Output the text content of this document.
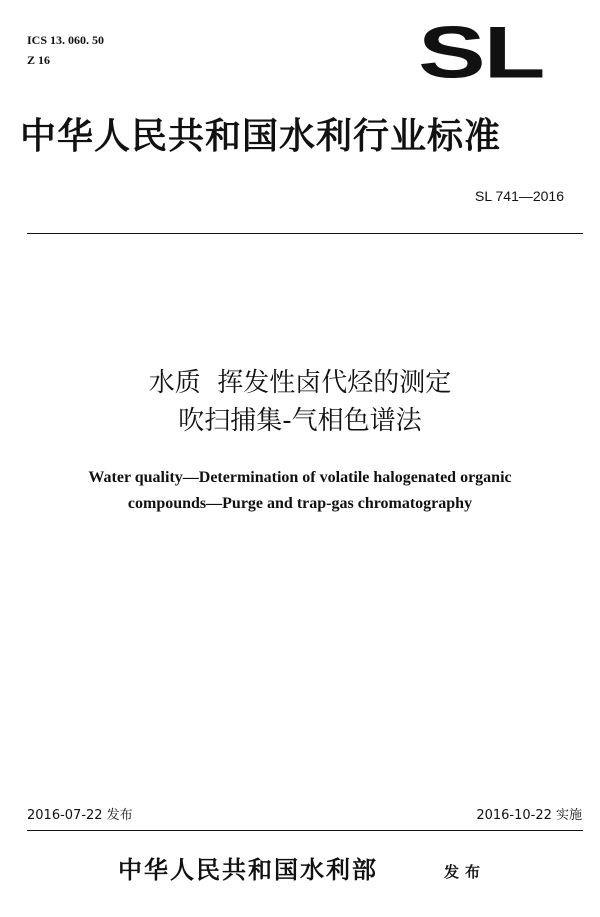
ICS 13. 060. 50
Z 16	SL
中华人民共和国水利行业标准
SL 741—2016
水质  挥发性卤代烃的测定
吹扫捕集-气相色谱法
Water quality—Determination of volatile halogenated organic
compounds—Purge and trap-gas chromatography
2016-07-22 发布	2016-10-22 实施
中华人民共和国水利部	发布
